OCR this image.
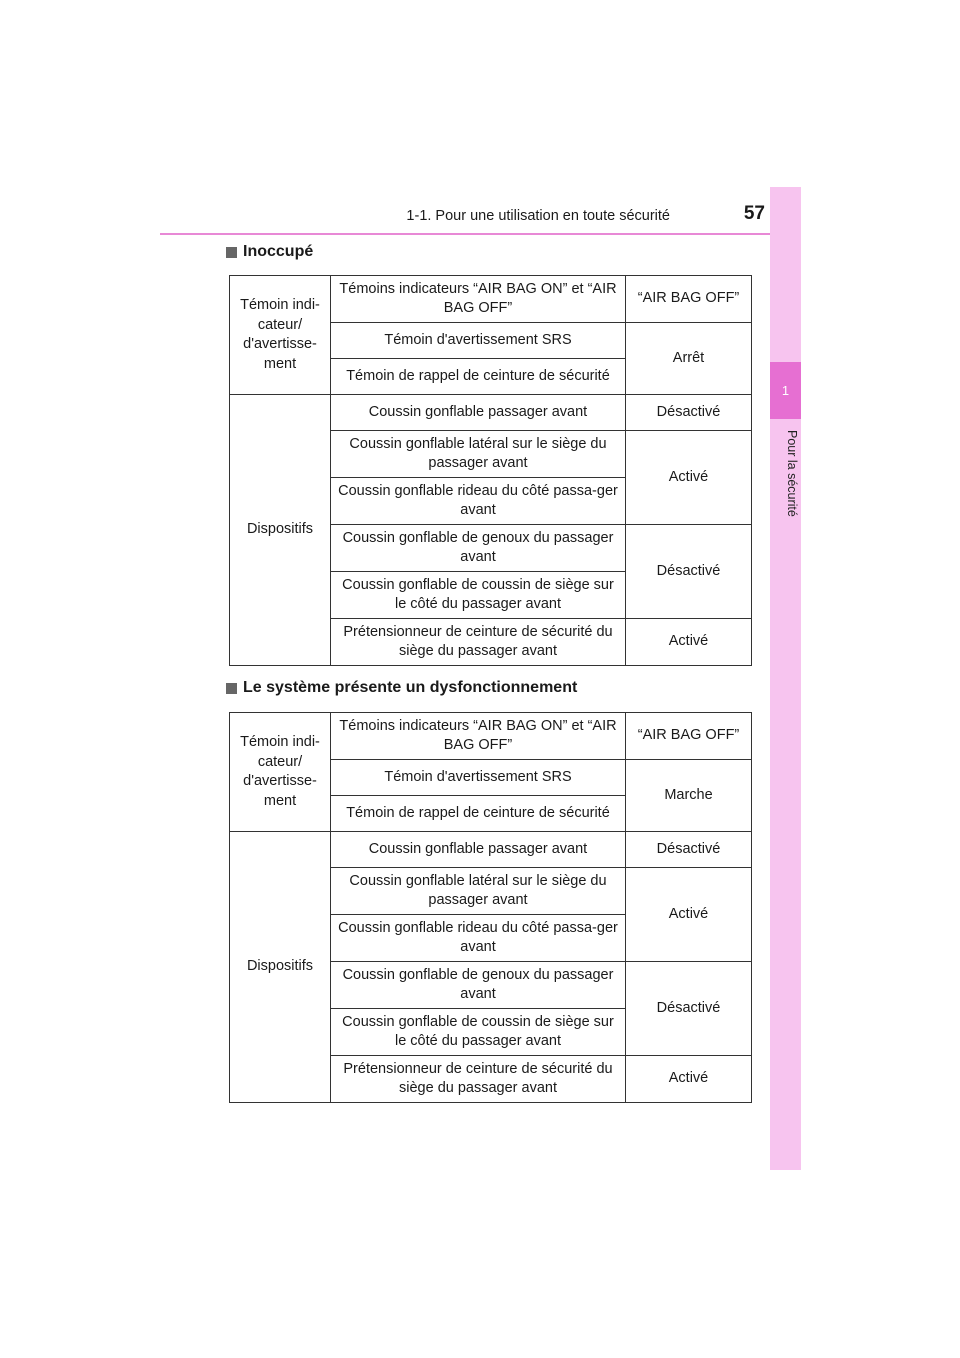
1-1. Pour une utilisation en toute sécurité	57
1
Pour la sécurité
Inoccupé
Témoin indi-cateur/ d'avertisse-ment	Témoins indicateurs “AIR BAG ON” et “AIR BAG OFF”	“AIR BAG OFF”
	Témoin d'avertissement SRS	Arrêt
	Témoin de rappel de ceinture de sécurité	
Dispositifs	Coussin gonflable passager avant	Désactivé
	Coussin gonflable latéral sur le siège du passager avant	Activé
	Coussin gonflable rideau du côté passa-ger avant	
	Coussin gonflable de genoux du passager avant	Désactivé
	Coussin gonflable de coussin de siège sur le côté du passager avant	
	Prétensionneur de ceinture de sécurité du siège du passager avant	Activé
Le système présente un dysfonctionnement
Témoin indi-cateur/ d'avertisse-ment	Témoins indicateurs “AIR BAG ON” et “AIR BAG OFF”	“AIR BAG OFF”
	Témoin d'avertissement SRS	Marche
	Témoin de rappel de ceinture de sécurité	
Dispositifs	Coussin gonflable passager avant	Désactivé
	Coussin gonflable latéral sur le siège du passager avant	Activé
	Coussin gonflable rideau du côté passa-ger avant	
	Coussin gonflable de genoux du passager avant	Désactivé
	Coussin gonflable de coussin de siège sur le côté du passager avant	
	Prétensionneur de ceinture de sécurité du siège du passager avant	Activé
